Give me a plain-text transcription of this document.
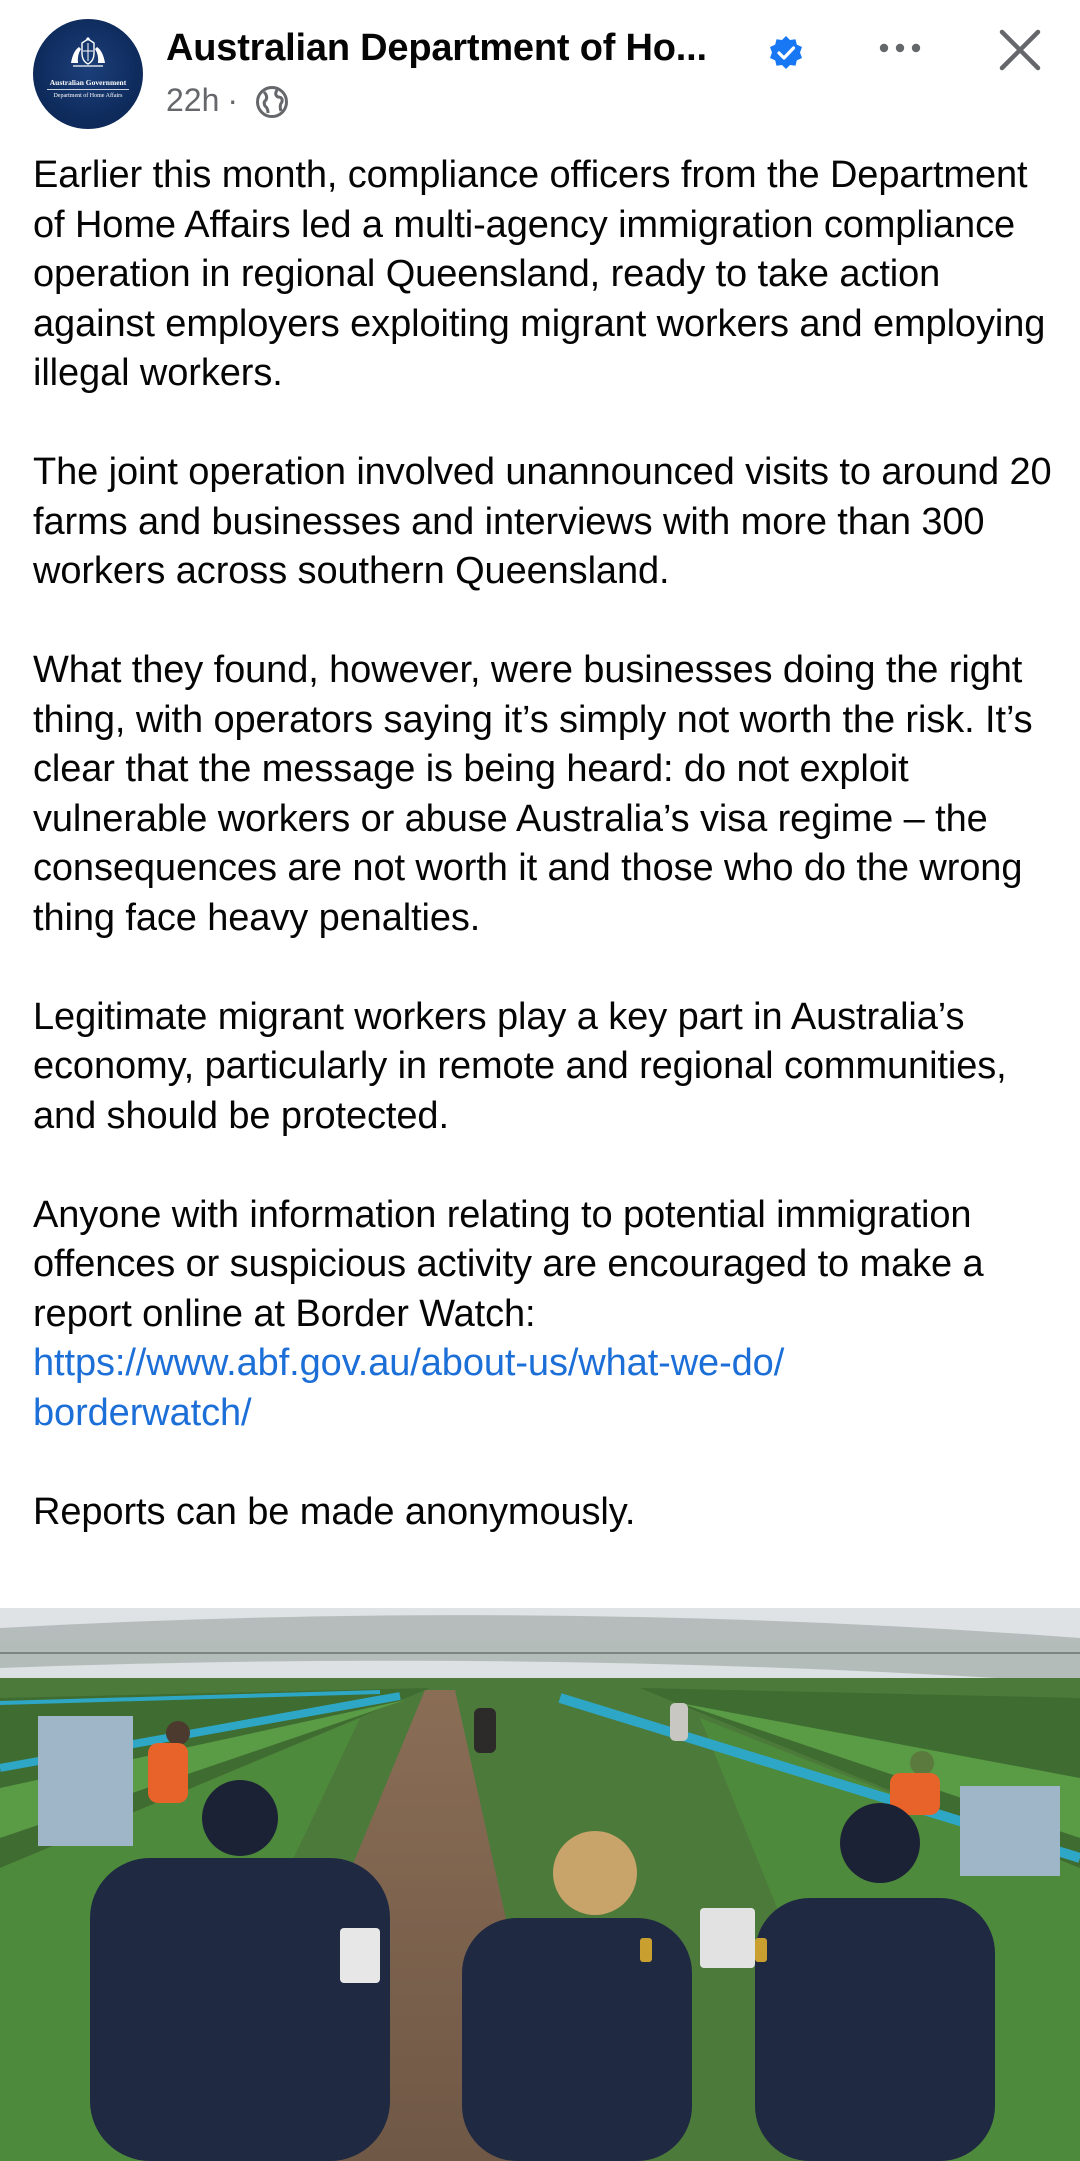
Australian Government
Department of Home Affairs
Australian Department of Ho...
22h ·

Earlier this month, compliance officers from the Department of Home Affairs led a multi-agency immigration compliance operation in regional Queensland, ready to take action against employers exploiting migrant workers and employing illegal workers.

The joint operation involved unannounced visits to around 20 farms and businesses and interviews with more than 300 workers across southern Queensland.

What they found, however, were businesses doing the right thing, with operators saying it’s simply not worth the risk. It’s clear that the message is being heard: do not exploit vulnerable workers or abuse Australia’s visa regime – the consequences are not worth it and those who do the wrong thing face heavy penalties.

Legitimate migrant workers play a key part in Australia’s economy, particularly in remote and regional communities, and should be protected.

Anyone with information relating to potential immigration offences or suspicious activity are encouraged to make a report online at Border Watch:
https://www.abf.gov.au/about-us/what-we-do/
borderwatch/

Reports can be made anonymously.
